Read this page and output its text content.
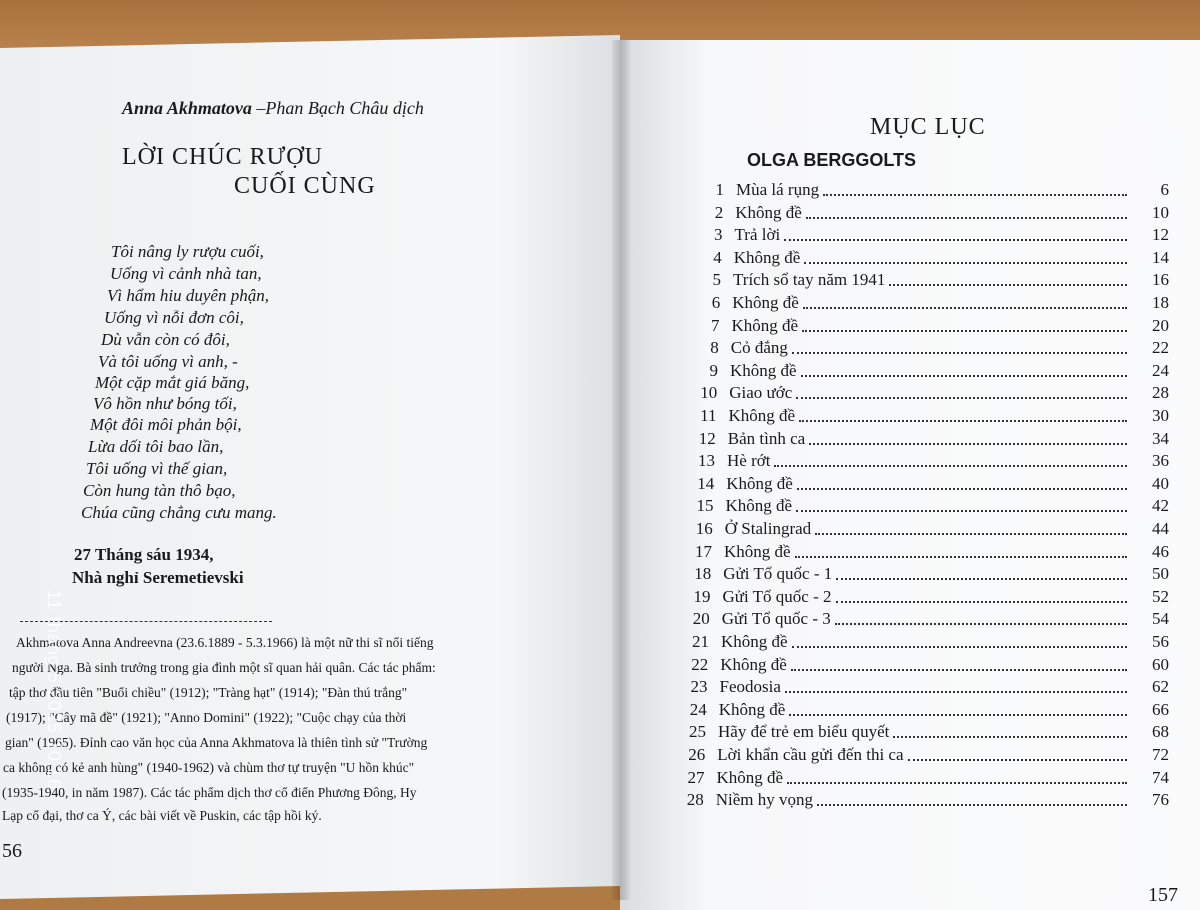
Anna Akhmatova –Phan Bạch Châu dịch
LỜI CHÚC RƯỢU
CUỐI CÙNG
Tôi nâng ly rượu cuối,
Uống vì cảnh nhà tan,
Vì hẩm hiu duyên phận,
Uống vì nỗi đơn côi,
Dù vẫn còn có đôi,
Và tôi uống vì anh, -
Một cặp mắt giá băng,
Vô hồn như bóng tối,
Một đôi môi phản bội,
Lừa dối tôi bao lần,
Tôi uống vì thế gian,
Còn hung tàn thô bạo,
Chúa cũng chẳng cưu mang.
27 Tháng sáu 1934,
Nhà nghỉ Seremetievski
Akhmatova Anna Andreevna (23.6.1889 - 5.3.1966) là một nữ thi sĩ nổi tiếng
người Nga. Bà sinh trưởng trong gia đình một sĩ quan hải quân. Các tác phẩm:
tập thơ đầu tiên "Buổi chiều" (1912); "Tràng hạt" (1914); "Đàn thú trắng"
(1917); "Cây mã đề" (1921); "Anno Domini" (1922); "Cuộc chạy của thời
gian" (1965). Đỉnh cao văn học của Anna Akhmatova là thiên tình sử "Trường
ca không có kẻ anh hùng" (1940-1962) và chùm thơ tự truyện "U hồn khúc"
(1935-1940, in năm 1987). Các tác phẩm dịch thơ cổ điển Phương Đông, Hy
Lạp cổ đại, thơ ca Ý, các bài viết về Puskin, các tập hồi ký.
56
11 tháng 5 2025 10:16
MỤC LỤC
OLGA BERGGOLTS
1 Mùa lá rụng	6
2 Không đề	10
3 Trả lời	12
4 Không đề	14
5 Trích sổ tay năm 1941	16
6 Không đề	18
7 Không đề	20
8 Cỏ đắng	22
9 Không đề	24
10 Giao ước	28
11 Không đề	30
12 Bản tình ca	34
13 Hè rớt	36
14 Không đề	40
15 Không đề	42
16 Ở Stalingrad	44
17 Không đề	46
18 Gửi Tổ quốc - 1	50
19 Gửi Tổ quốc - 2	52
20 Gửi Tổ quốc - 3	54
21 Không đề	56
22 Không đề	60
23 Feodosia	62
24 Không đề	66
25 Hãy để trẻ em biểu quyết	68
26 Lời khẩn cầu gửi đến thi ca	72
27 Không đề	74
28 Niềm hy vọng	76
157
